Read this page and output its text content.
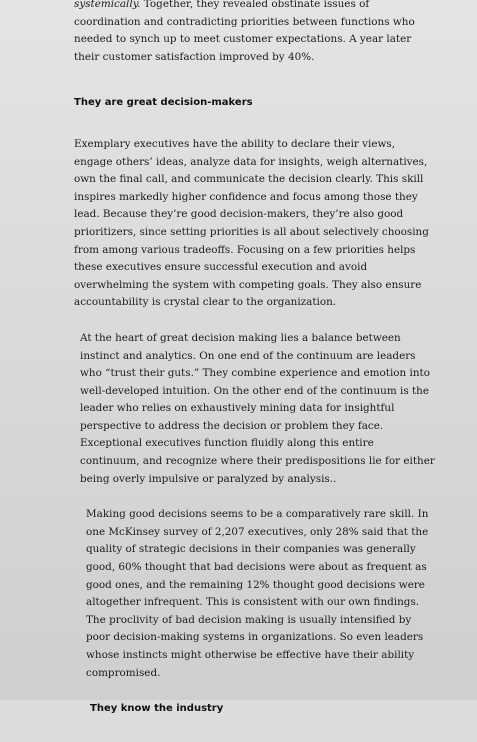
systemically. Together, they revealed obstinate issues of coordination and contradicting priorities between functions who needed to synch up to meet customer expectations. A year later their customer satisfaction improved by 40%.

They are great decision-makers

Exemplary executives have the ability to declare their views, engage others’ ideas, analyze data for insights, weigh alternatives, own the final call, and communicate the decision clearly. This skill inspires markedly higher confidence and focus among those they lead. Because they’re good decision-makers, they’re also good prioritizers, since setting priorities is all about selectively choosing from among various tradeoffs. Focusing on a few priorities helps these executives ensure successful execution and avoid overwhelming the system with competing goals. They also ensure accountability is crystal clear to the organization.

At the heart of great decision making lies a balance between instinct and analytics. On one end of the continuum are leaders who “trust their guts.” They combine experience and emotion into well-developed intuition. On the other end of the continuum is the leader who relies on exhaustively mining data for insightful perspective to address the decision or problem they face. Exceptional executives function fluidly along this entire continuum, and recognize where their predispositions lie for either being overly impulsive or paralyzed by analysis..

Making good decisions seems to be a comparatively rare skill. In one McKinsey survey of 2,207 executives, only 28% said that the quality of strategic decisions in their companies was generally good, 60% thought that bad decisions were about as frequent as good ones, and the remaining 12% thought good decisions were altogether infrequent. This is consistent with our own findings. The proclivity of bad decision making is usually intensified by poor decision-making systems in organizations. So even leaders whose instincts might otherwise be effective have their ability compromised.

They know the industry
